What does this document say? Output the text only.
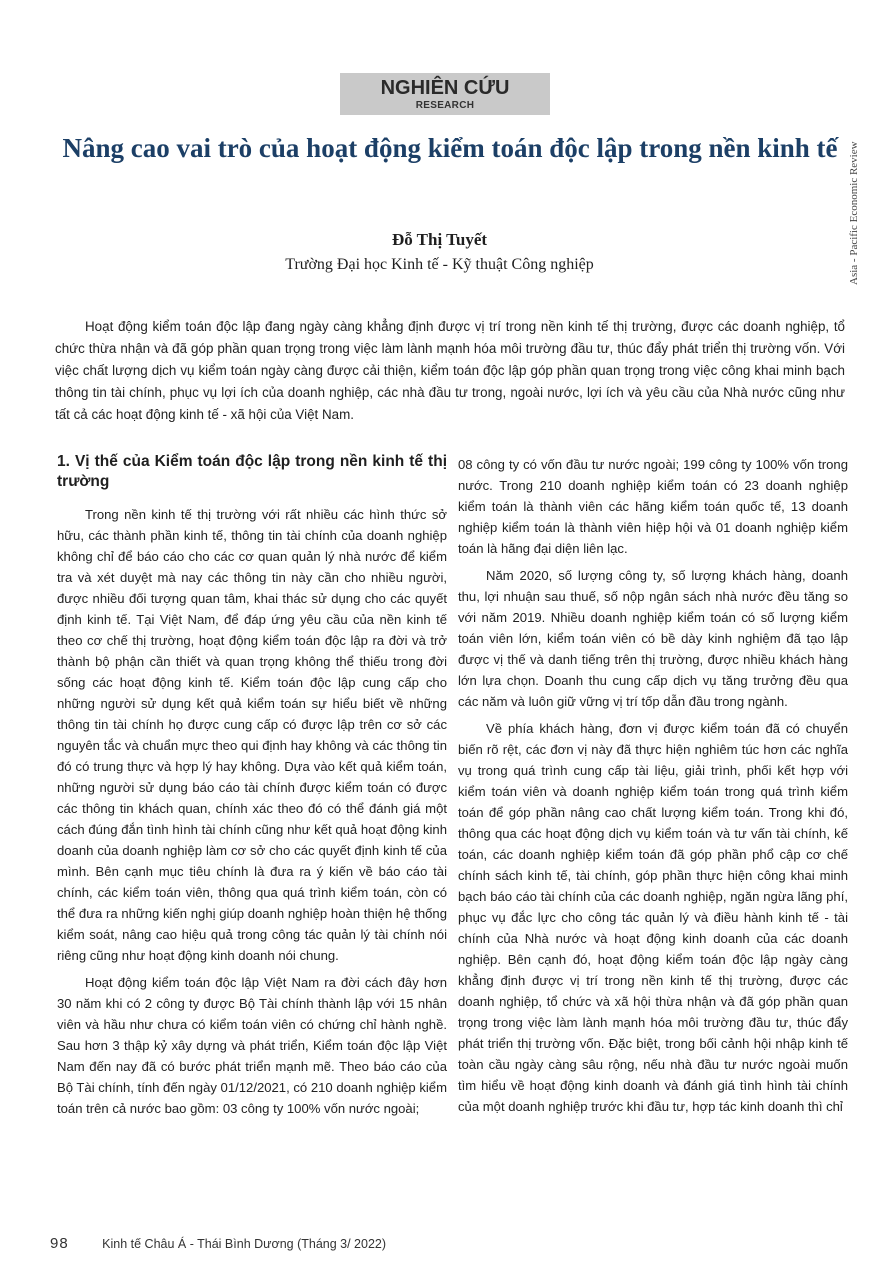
NGHIÊN CỨU
RESEARCH
Asia - Pacific Economic Review
Nâng cao vai trò của hoạt động kiểm toán độc lập trong nền kinh tế
Đỗ Thị Tuyết
Trường Đại học Kinh tế - Kỹ thuật Công nghiệp

Hoạt động kiểm toán độc lập đang ngày càng khẳng định được vị trí trong nền kinh tế thị trường, được các doanh nghiệp, tổ chức thừa nhận và đã góp phần quan trọng trong việc làm lành mạnh hóa môi trường đầu tư, thúc đẩy phát triển thị trường vốn. Với việc chất lượng dịch vụ kiểm toán ngày càng được cải thiện, kiểm toán độc lập góp phần quan trọng trong việc công khai minh bạch thông tin tài chính, phục vụ lợi ích của doanh nghiệp, các nhà đầu tư trong, ngoài nước, lợi ích và yêu cầu của Nhà nước cũng như tất cả các hoạt động kinh tế - xã hội của Việt Nam.

1. Vị thế của Kiểm toán độc lập trong nền kinh tế thị trường

Trong nền kinh tế thị trường với rất nhiều các hình thức sở hữu, các thành phần kinh tế, thông tin tài chính của doanh nghiệp không chỉ để báo cáo cho các cơ quan quản lý nhà nước để kiểm tra và xét duyệt mà nay các thông tin này cần cho nhiều người, được nhiều đối tượng quan tâm, khai thác sử dụng cho các quyết định kinh tế. Tại Việt Nam, để đáp ứng yêu cầu của nền kinh tế theo cơ chế thị trường, hoạt động kiểm toán độc lập ra đời và trở thành bộ phận cần thiết và quan trọng không thể thiếu trong đời sống các hoạt động kinh tế. Kiểm toán độc lập cung cấp cho những người sử dụng kết quả kiểm toán sự hiểu biết về những thông tin tài chính họ được cung cấp có được lập trên cơ sở các nguyên tắc và chuẩn mực theo qui định hay không và các thông tin đó có trung thực và hợp lý hay không. Dựa vào kết quả kiểm toán, những người sử dụng báo cáo tài chính được kiểm toán có được các thông tin khách quan, chính xác theo đó có thể đánh giá một cách đúng đắn tình hình tài chính cũng như kết quả hoạt động kinh doanh của doanh nghiệp làm cơ sở cho các quyết định kinh tế của mình. Bên cạnh mục tiêu chính là đưa ra ý kiến về báo cáo tài chính, các kiểm toán viên, thông qua quá trình kiểm toán, còn có thể đưa ra những kiến nghị giúp doanh nghiệp hoàn thiện hệ thống kiểm soát, nâng cao hiệu quả trong công tác quản lý tài chính nói riêng cũng như hoạt động kinh doanh nói chung.

Hoạt động kiểm toán độc lập Việt Nam ra đời cách đây hơn 30 năm khi có 2 công ty được Bộ Tài chính thành lập với 15 nhân viên và hầu như chưa có kiểm toán viên có chứng chỉ hành nghề. Sau hơn 3 thập kỷ xây dựng và phát triển, Kiểm toán độc lập Việt Nam đến nay đã có bước phát triển mạnh mẽ. Theo báo cáo của Bộ Tài chính, tính đến ngày 01/12/2021, có 210 doanh nghiệp kiểm toán trên cả nước bao gồm: 03 công ty 100% vốn nước ngoài;

08 công ty có vốn đầu tư nước ngoài; 199 công ty 100% vốn trong nước. Trong 210 doanh nghiệp kiểm toán có 23 doanh nghiệp kiểm toán là thành viên các hãng kiểm toán quốc tế, 13 doanh nghiệp kiểm toán là thành viên hiệp hội và 01 doanh nghiệp kiểm toán là hãng đại diện liên lạc.

Năm 2020, số lượng công ty, số lượng khách hàng, doanh thu, lợi nhuận sau thuế, số nộp ngân sách nhà nước đều tăng so với năm 2019. Nhiều doanh nghiệp kiểm toán có số lượng kiểm toán viên lớn, kiểm toán viên có bề dày kinh nghiệm đã tạo lập được vị thế và danh tiếng trên thị trường, được nhiều khách hàng lớn lựa chọn. Doanh thu cung cấp dịch vụ tăng trưởng đều qua các năm và luôn giữ vững vị trí tốp dẫn đầu trong ngành.

Về phía khách hàng, đơn vị được kiểm toán đã có chuyển biến rõ rệt, các đơn vị này đã thực hiện nghiêm túc hơn các nghĩa vụ trong quá trình cung cấp tài liệu, giải trình, phối kết hợp với kiểm toán viên và doanh nghiệp kiểm toán trong quá trình kiểm toán để góp phần nâng cao chất lượng kiểm toán. Trong khi đó, thông qua các hoạt động dịch vụ kiểm toán và tư vấn tài chính, kế toán, các doanh nghiệp kiểm toán đã góp phần phổ cập cơ chế chính sách kinh tế, tài chính, góp phần thực hiện công khai minh bạch báo cáo tài chính của các doanh nghiệp, ngăn ngừa lãng phí, phục vụ đắc lực cho công tác quản lý và điều hành kinh tế - tài chính của Nhà nước và hoạt động kinh doanh của các doanh nghiệp. Bên cạnh đó, hoạt động kiểm toán độc lập ngày càng khẳng định được vị trí trong nền kinh tế thị trường, được các doanh nghiệp, tổ chức và xã hội thừa nhận và đã góp phần quan trọng trong việc làm lành mạnh hóa môi trường đầu tư, thúc đẩy phát triển thị trường vốn. Đặc biệt, trong bối cảnh hội nhập kinh tế toàn cầu ngày càng sâu rộng, nếu nhà đầu tư nước ngoài muốn tìm hiểu về hoạt động kinh doanh và đánh giá tình hình tài chính của một doanh nghiệp trước khi đầu tư, hợp tác kinh doanh thì chỉ

98	Kinh tế Châu Á - Thái Bình Dương (Tháng 3/ 2022)
